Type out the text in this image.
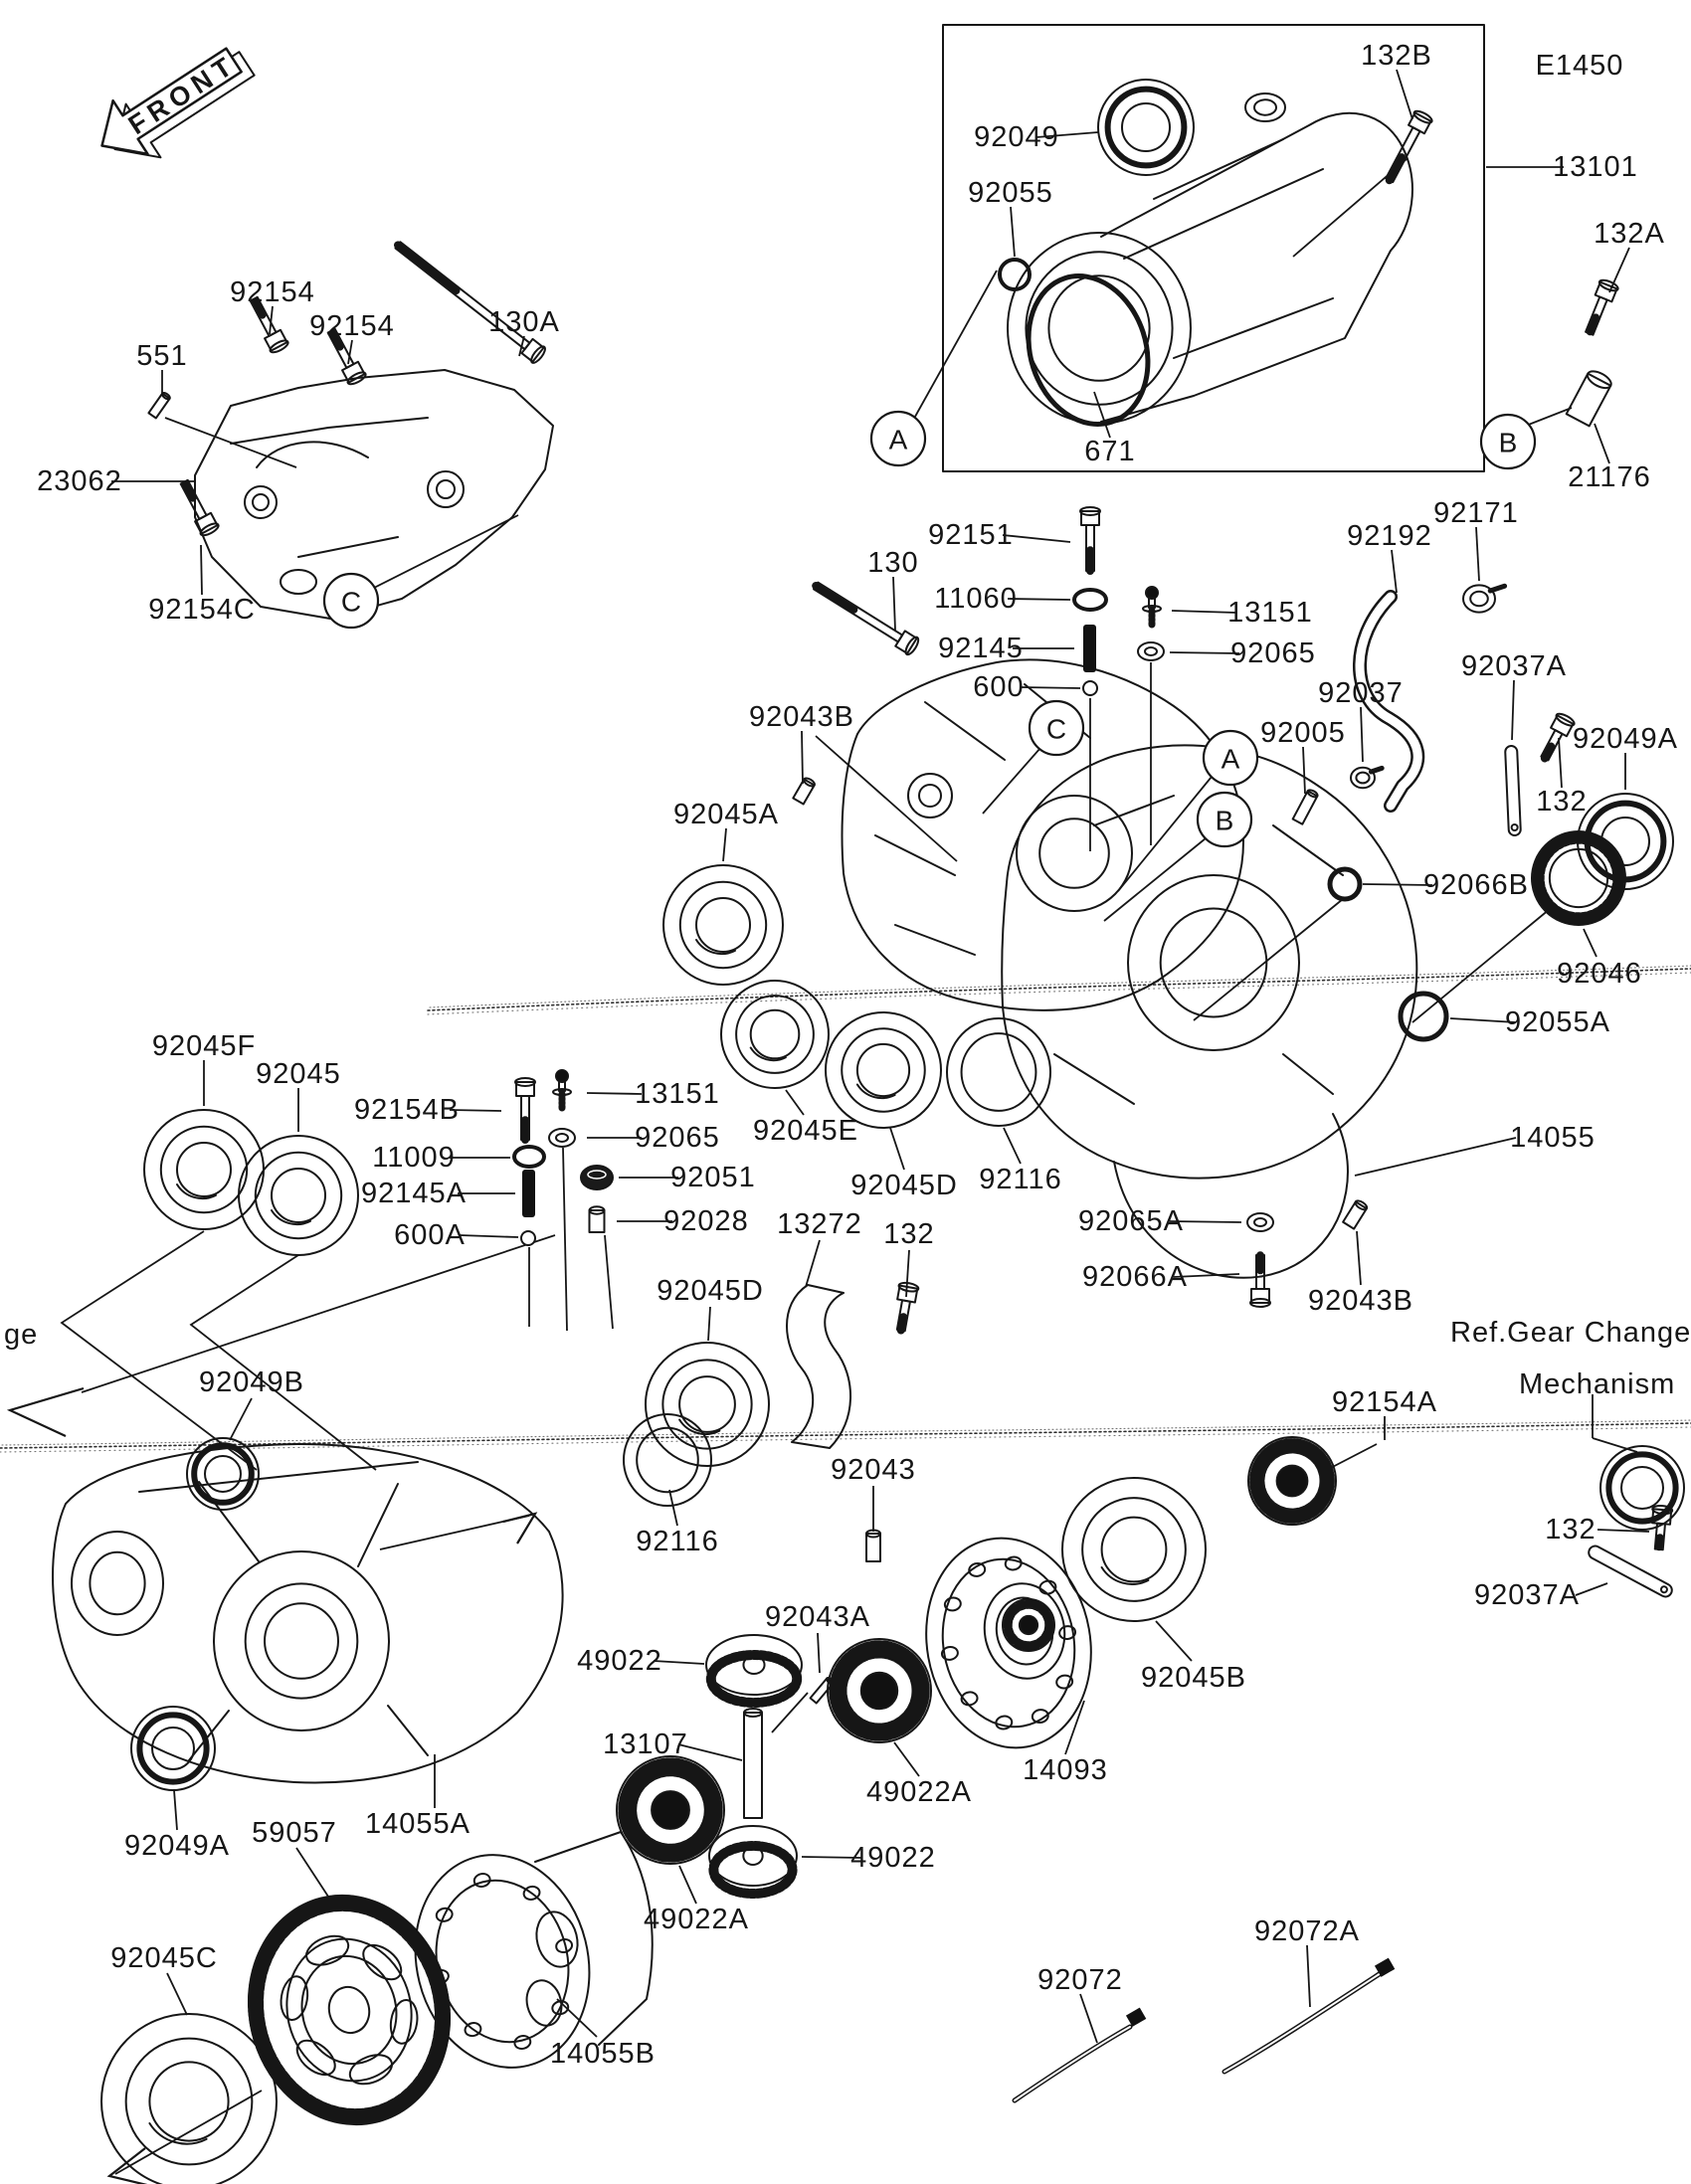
FRONT
A	B
C
C
A
B
551
92154
92154	130A
23062
92154C
92151
130
11060	13151
92145	92065
600
92005
92043B
92045A
92192
92171
92037
92037A
132
92049A
92066B
92046
92055A
14055
E1450
132B
92049
92055
13101
671
132A
21176
92045F
92045
92154B	13151
92065
11009
92145A	92051
600A	92028
92045E
92045D 92116
13272 132	92065A
92066A
92043B
92045D
92116
92043
92049B
92154A
132
92037A
92045B
92049A 59057 14055A
92045C
14055B
13107
92043A
49022
49022A
14093
49022A
49022
92072
92072A
ge	Ref.Gear Change
Mechanism
